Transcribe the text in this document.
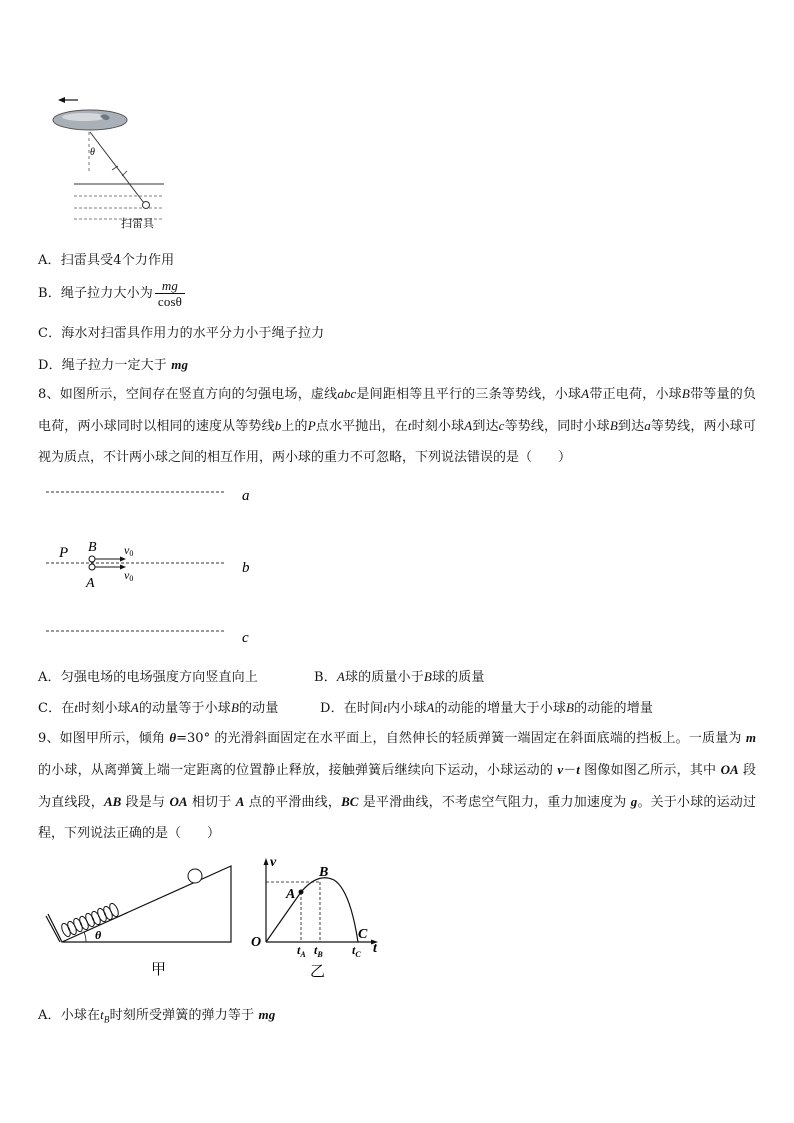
θ
扫雷具
A．扫雷具受4个力作用
B．绳子拉力大小为 $\frac{mg}{\cos\theta}$
C．海水对扫雷具作用力的水平分力小于绳子拉力
D．绳子拉力一定大于 mg
8、如图所示，空间存在竖直方向的匀强电场，虚线abc是间距相等且平行的三条等势线，小球A带正电荷，小球B带等量的负电荷，两小球同时以相同的速度从等势线b上的P点水平抛出，在t时刻小球A到达c等势线，同时小球B到达a等势线，两小球可视为质点，不计两小球之间的相互作用，两小球的重力不可忽略，下列说法错误的是（　　）
a
b
c
P B
A
v0
v0
A．匀强电场的电场强度方向竖直向上	B．A球的质量小于B球的质量
C．在t时刻小球A的动量等于小球B的动量	D．在时间t内小球A的动能的增量大于小球B的动能的增量
9、如图甲所示，倾角 θ=30° 的光滑斜面固定在水平面上，自然伸长的轻质弹簧一端固定在斜面底端的挡板上。一质量为 m 的小球，从离弹簧上端一定距离的位置静止释放，接触弹簧后继续向下运动，小球运动的 v－t 图像如图乙所示，其中 OA 段为直线段，AB 段是与 OA 相切于 A 点的平滑曲线，BC 是平滑曲线，不考虑空气阻力，重力加速度为 g。关于小球的运动过程，下列说法正确的是（　　）
θ
甲
v
t
O
A
B
C
$t_A$ $t_B$ $t_C$
乙
A．小球在$t_B$时刻所受弹簧的弹力等于 mg
